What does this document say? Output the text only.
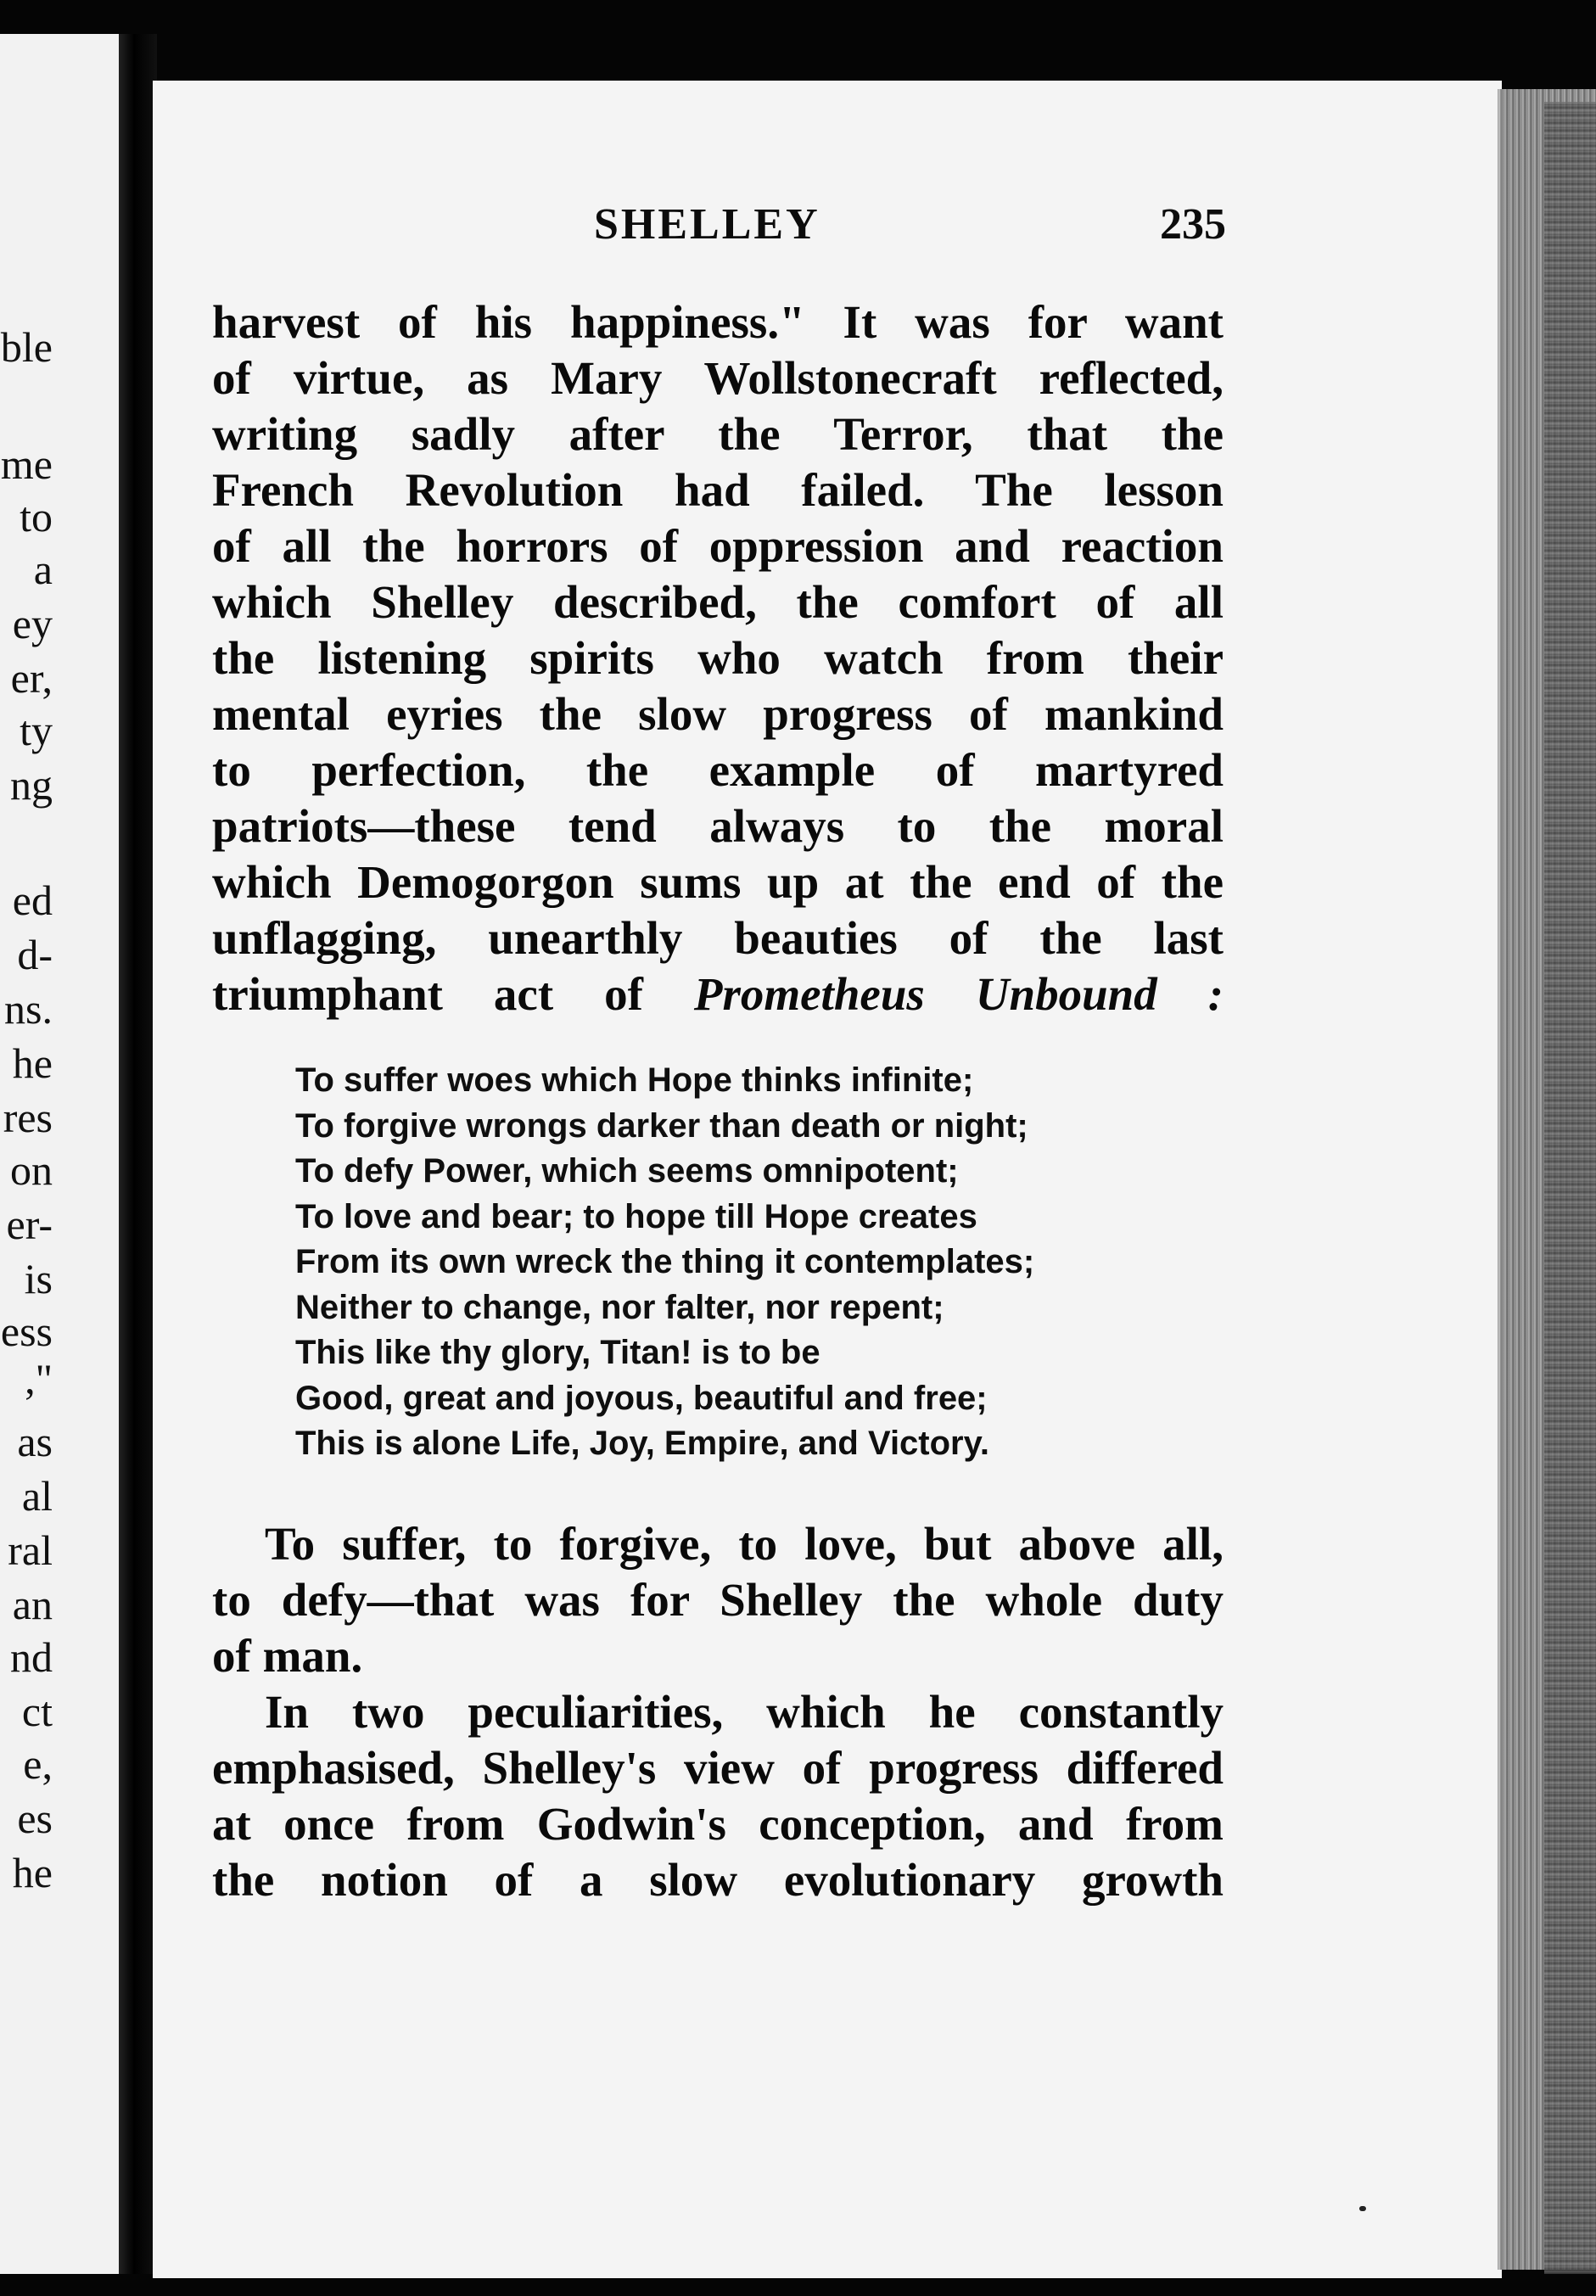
ble
me
to
a
ey
er,
ty
ng
ed
d-
ns.
he
res
on
er-
is
ess
,"
as
al
ral
an
nd
ct
e,
es
he
SHELLEY	235
harvest of his happiness." It was for want
of virtue, as Mary Wollstonecraft reflected,
writing sadly after the Terror, that the
French Revolution had failed. The lesson
of all the horrors of oppression and reaction
which Shelley described, the comfort of all
the listening spirits who watch from their
mental eyries the slow progress of mankind
to perfection, the example of martyred
patriots—these tend always to the moral
which Demogorgon sums up at the end of the
unflagging, unearthly beauties of the last
triumphant act of Prometheus Unbound :
To suffer woes which Hope thinks infinite;
To forgive wrongs darker than death or night;
To defy Power, which seems omnipotent;
To love and bear; to hope till Hope creates
From its own wreck the thing it contemplates;
Neither to change, nor falter, nor repent;
This like thy glory, Titan! is to be
Good, great and joyous, beautiful and free;
This is alone Life, Joy, Empire, and Victory.
To suffer, to forgive, to love, but above all,
to defy—that was for Shelley the whole duty
of man.
In two peculiarities, which he constantly
emphasised, Shelley's view of progress differed
at once from Godwin's conception, and from
the notion of a slow evolutionary growth
